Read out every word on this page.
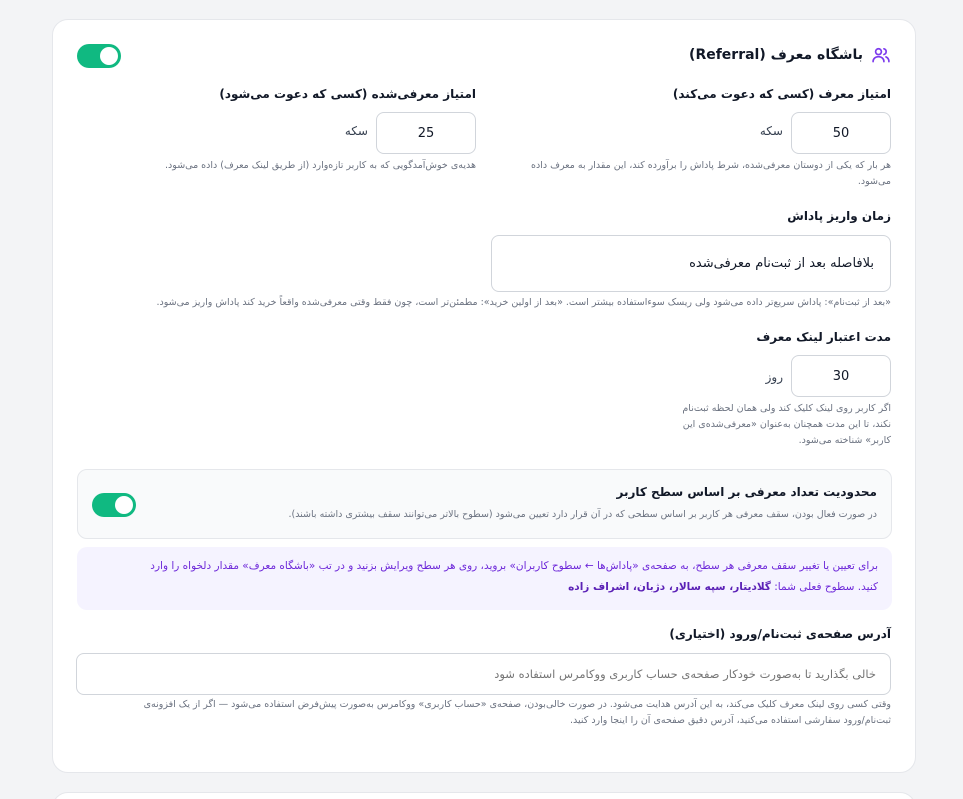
باشگاه معرف (Referral)
امتیاز معرف (کسی که دعوت می‌کند)
50
سکه
هر بار که یکی از دوستان معرفی‌شده، شرط پاداش را برآورده کند، این مقدار به معرف داده می‌شود.
امتیاز معرفی‌شده (کسی که دعوت می‌شود)
25
سکه
هدیه‌ی خوش‌آمدگویی که به کاربر تازه‌وارد (از طریق لینک معرف) داده می‌شود.
زمان واریز پاداش
بلافاصله بعد از ثبت‌نام معرفی‌شده
«بعد از ثبت‌نام»: پاداش سریع‌تر داده می‌شود ولی ریسک سوءاستفاده بیشتر است. «بعد از اولین خرید»: مطمئن‌تر است، چون فقط وقتی معرفی‌شده واقعاً خرید کند پاداش واریز می‌شود.
مدت اعتبار لینک معرف
30
روز
اگر کاربر روی لینک کلیک کند ولی همان لحظه ثبت‌نام
نکند، تا این مدت همچنان به‌عنوان «معرفی‌شده‌ی این
کاربر» شناخته می‌شود.
محدودیت تعداد معرفی بر اساس سطح کاربر
در صورت فعال بودن، سقف معرفی هر کاربر بر اساس سطحی که در آن قرار دارد تعیین می‌شود (سطوح بالاتر می‌توانند سقف بیشتری داشته باشند).
برای تعیین یا تغییر سقف معرفی هر سطح، به صفحه‌ی «پاداش‌ها ← سطوح کاربران» بروید، روی هر سطح ویرایش بزنید و در تب «باشگاه معرف» مقدار دلخواه را وارد
کنید. سطوح فعلی شما: گلادیتار، سپه سالار، دژبان، اشراف زاده
آدرس صفحه‌ی ثبت‌نام/ورود (اختیاری)
خالی بگذارید تا به‌صورت خودکار صفحه‌ی حساب کاربری ووکامرس استفاده شود
وقتی کسی روی لینک معرف کلیک می‌کند، به این آدرس هدایت می‌شود. در صورت خالی‌بودن، صفحه‌ی «حساب کاربری» ووکامرس به‌صورت پیش‌فرض استفاده می‌شود — اگر از یک افزونه‌ی
ثبت‌نام/ورود سفارشی استفاده می‌کنید، آدرس دقیق صفحه‌ی آن را اینجا وارد کنید.
